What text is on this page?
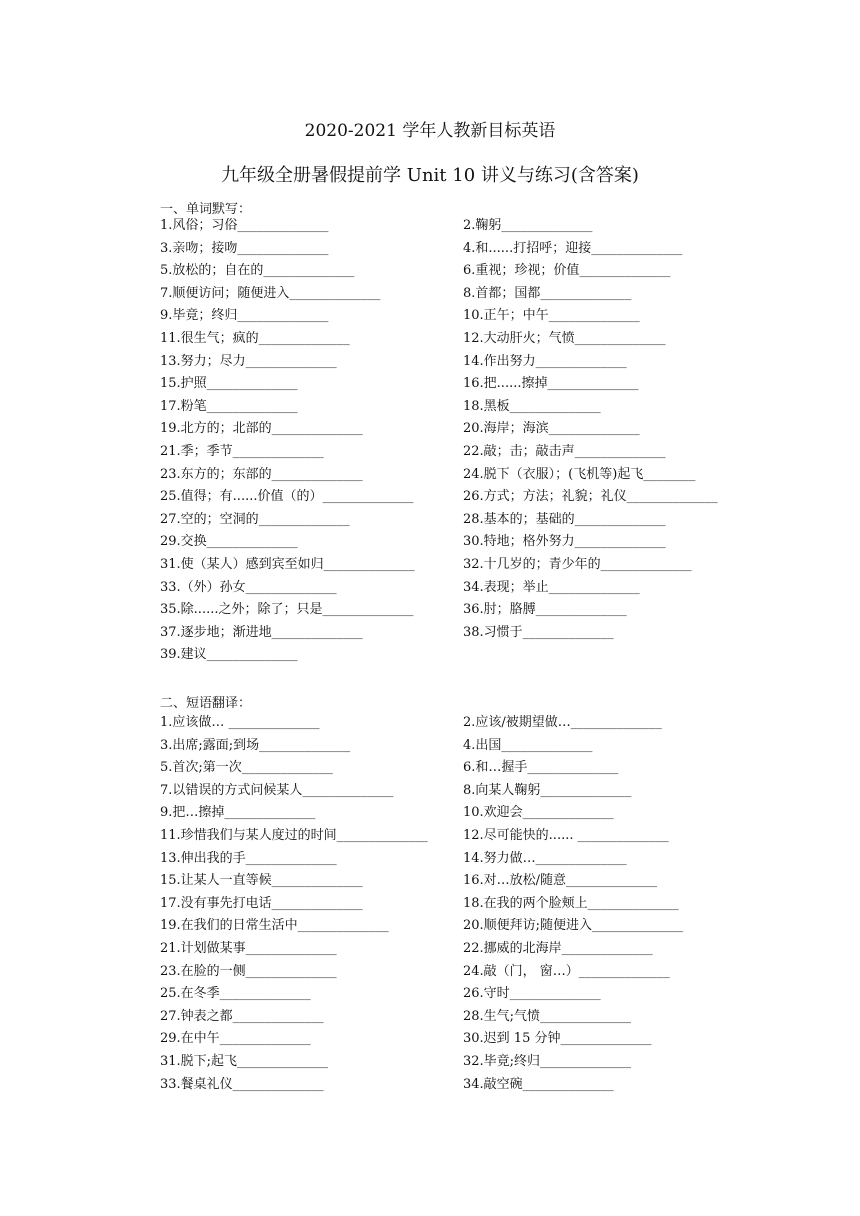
2020-2021 学年人教新目标英语
九年级全册暑假提前学 Unit 10 讲义与练习(含答案)
一、单词默写：
1.风俗；习俗______________	2.鞠躬______________
3.亲吻；接吻______________	4.和......打招呼；迎接______________
5.放松的；自在的______________	6.重视；珍视；价值______________
7.顺便访问；随便进入______________	8.首都；国都______________
9.毕竟；终归______________	10.正午；中午______________
11.很生气；疯的______________	12.大动肝火；气愤______________
13.努力；尽力______________	14.作出努力______________
15.护照______________	16.把......擦掉______________
17.粉笔______________	18.黑板______________
19.北方的；北部的______________	20.海岸；海滨______________
21.季；季节______________	22.敲；击；敲击声______________
23.东方的；东部的______________	24.脱下（衣服）；(飞机等)起飞________
25.值得；有......价值（的）______________	26.方式；方法；礼貌；礼仪______________
27.空的；空洞的______________	28.基本的；基础的______________
29.交换______________	30.特地；格外努力______________
31.使（某人）感到宾至如归______________	32.十几岁的；青少年的______________
33.（外）孙女______________	34.表现；举止______________
35.除......之外；除了；只是______________	36.肘；胳膊______________
37.逐步地；渐进地______________	38.习惯于______________
39.建议______________
二、短语翻译：
1.应该做… ______________	2.应该/被期望做…______________
3.出席;露面;到场______________	4.出国______________
5.首次;第一次______________	6.和…握手______________
7.以错误的方式问候某人______________	8.向某人鞠躬______________
9.把…擦掉______________	10.欢迎会______________
11.珍惜我们与某人度过的时间______________	12.尽可能快的...... ______________
13.伸出我的手______________	14.努力做…______________
15.让某人一直等候______________	16.对…放松/随意______________
17.没有事先打电话______________	18.在我的两个脸颊上______________
19.在我们的日常生活中______________	20.顺便拜访;随便进入______________
21.计划做某事______________	22.挪威的北海岸______________
23.在脸的一侧______________	24.敲（门， 窗…）______________
25.在冬季______________	26.守时______________
27.钟表之都______________	28.生气;气愤______________
29.在中午______________	30.迟到 15 分钟______________
31.脱下;起飞______________	32.毕竟;终归______________
33.餐桌礼仪______________	34.敲空碗______________
